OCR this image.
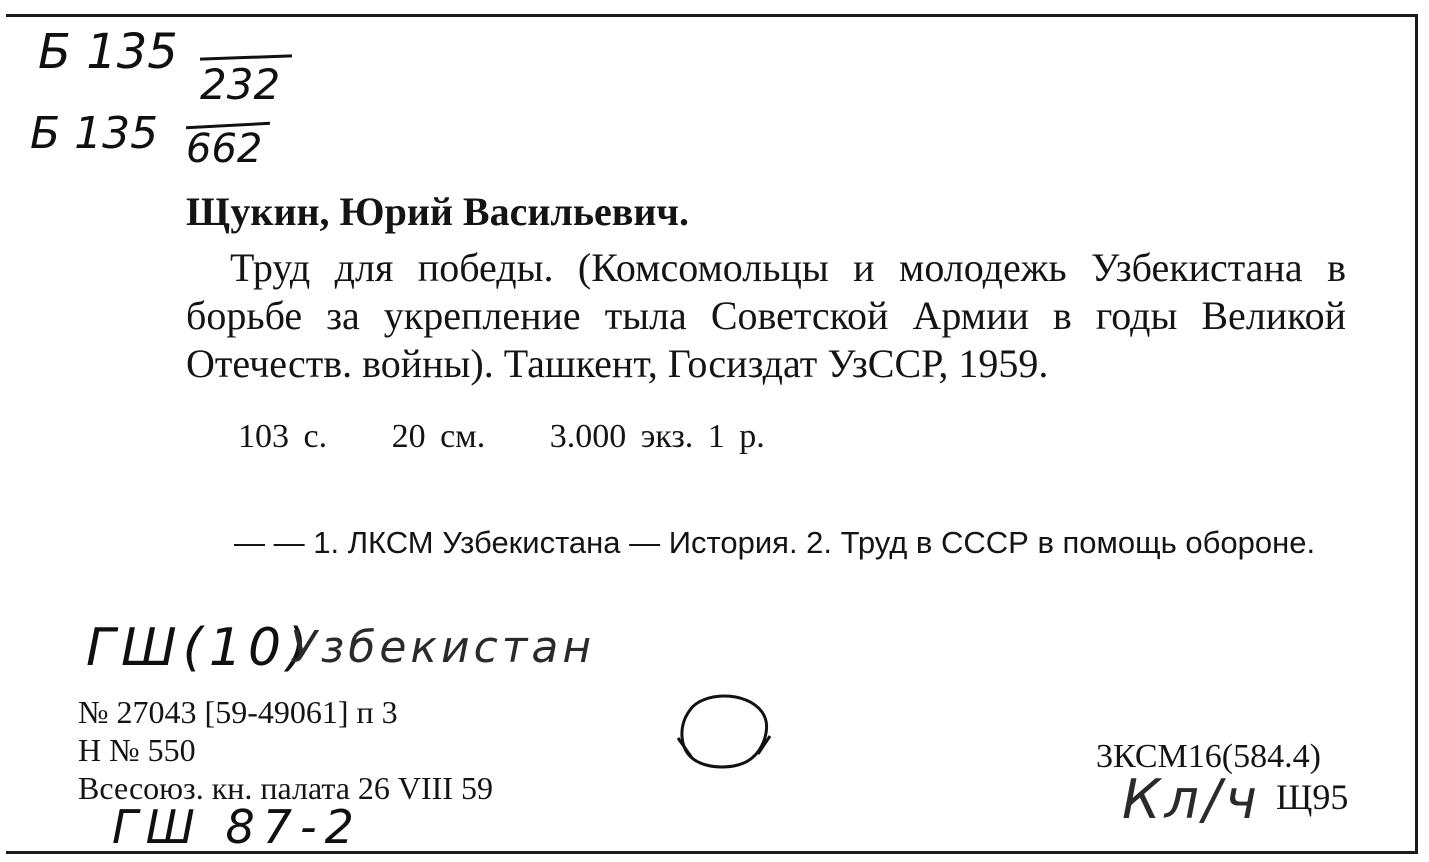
Б 135
232
Б 135 662
Щукин, Юрий Васильевич.
Труд для победы. (Комсомольцы и молодежь Узбекистана в борьбе за укрепление тыла Советской Армии в годы Великой Отечеств. войны). Ташкент, Госиздат УзССР, 1959.
103 с. 20 см. 3.000 экз. 1 р.
— — 1. ЛКСМ Узбекистана — История. 2. Труд в СССР в помощь обороне.
ГШ(10)
Узбекистан
№ 27043 [59-49061] п 3
Н № 550
Всесоюз. кн. палата 26 VIII 59
ГШ 87-2
3КСМ16(584.4)
Кл/ч Щ95
